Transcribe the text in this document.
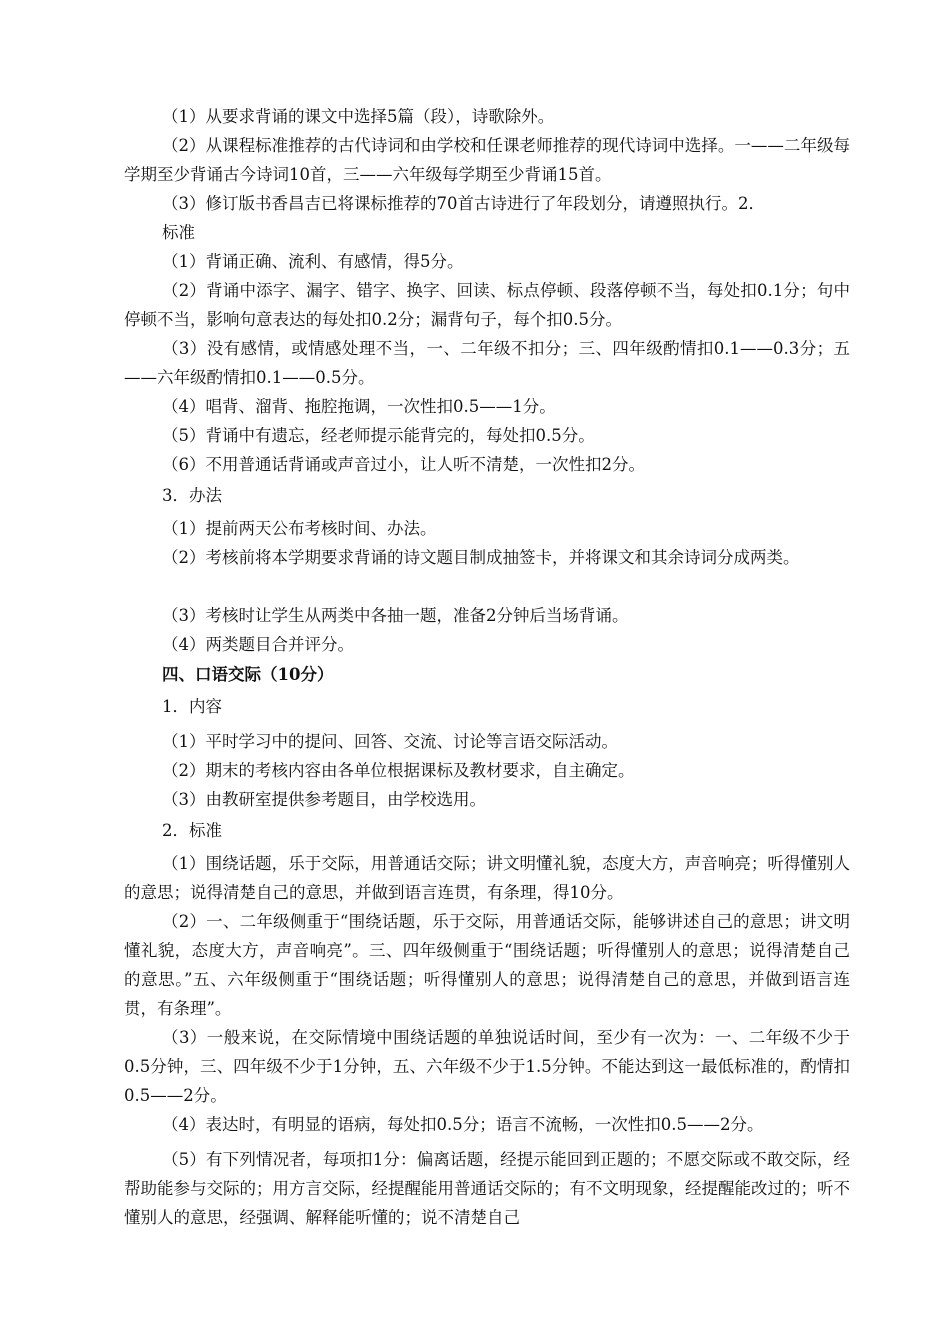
（1）从要求背诵的课文中选择5篇（段），诗歌除外。

（2）从课程标准推荐的古代诗词和由学校和任课老师推荐的现代诗词中选择。一——二年级每学期至少背诵古今诗词10首，三——六年级每学期至少背诵15首。

（3）修订版书香昌吉已将课标推荐的70首古诗进行了年段划分，请遵照执行。2．

标准

（1）背诵正确、流利、有感情，得5分。

（2）背诵中添字、漏字、错字、换字、回读、标点停顿、段落停顿不当，每处扣0.1分；句中停顿不当，影响句意表达的每处扣0.2分；漏背句子，每个扣0.5分。

（3）没有感情，或情感处理不当，一、二年级不扣分；三、四年级酌情扣0.1——0.3分；五——六年级酌情扣0.1——0.5分。

（4）唱背、溜背、拖腔拖调，一次性扣0.5——1分。

（5）背诵中有遗忘，经老师提示能背完的，每处扣0.5分。

（6）不用普通话背诵或声音过小，让人听不清楚，一次性扣2分。

3．办法

（1）提前两天公布考核时间、办法。

（2）考核前将本学期要求背诵的诗文题目制成抽签卡，并将课文和其余诗词分成两类。

（3）考核时让学生从两类中各抽一题，准备2分钟后当场背诵。

（4）两类题目合并评分。

四、口语交际（10分）

1．内容

（1）平时学习中的提问、回答、交流、讨论等言语交际活动。

（2）期末的考核内容由各单位根据课标及教材要求，自主确定。

（3）由教研室提供参考题目，由学校选用。

2．标准

（1）围绕话题，乐于交际，用普通话交际；讲文明懂礼貌，态度大方，声音响亮；听得懂别人的意思；说得清楚自己的意思，并做到语言连贯，有条理，得10分。

（2）一、二年级侧重于“围绕话题，乐于交际，用普通话交际，能够讲述自己的意思；讲文明懂礼貌，态度大方，声音响亮”。三、四年级侧重于“围绕话题；听得懂别人的意思；说得清楚自己的意思。”五、六年级侧重于“围绕话题；听得懂别人的意思；说得清楚自己的意思，并做到语言连贯，有条理”。

（3）一般来说，在交际情境中围绕话题的单独说话时间，至少有一次为：一、二年级不少于0.5分钟，三、四年级不少于1分钟，五、六年级不少于1.5分钟。不能达到这一最低标准的，酌情扣0.5——2分。

（4）表达时，有明显的语病，每处扣0.5分；语言不流畅，一次性扣0.5——2分。

（5）有下列情况者，每项扣1分：偏离话题，经提示能回到正题的；不愿交际或不敢交际，经帮助能参与交际的；用方言交际，经提醒能用普通话交际的；有不文明现象，经提醒能改过的；听不懂别人的意思，经强调、解释能听懂的；说不清楚自己
